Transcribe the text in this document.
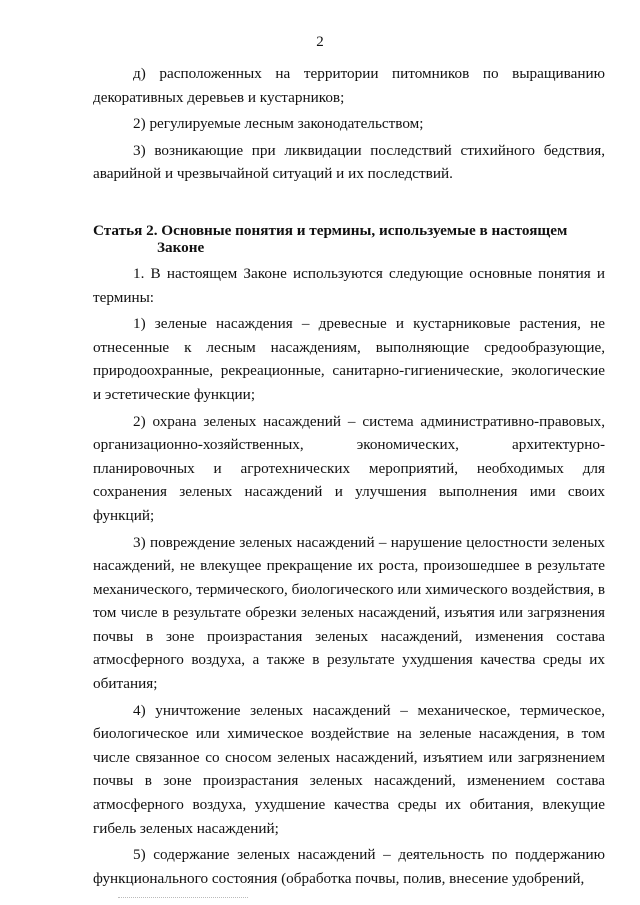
2

д) расположенных на территории питомников по выращиванию декоративных деревьев и кустарников;

2) регулируемые лесным законодательством;

3) возникающие при ликвидации последствий стихийного бедствия, аварийной и чрезвычайной ситуаций и их последствий.

Статья 2. Основные понятия и термины, используемые в настоящем
Законе

1. В настоящем Законе используются следующие основные понятия и термины:

1) зеленые насаждения – древесные и кустарниковые растения, не отнесенные к лесным насаждениям, выполняющие средообразующие, природоохранные, рекреационные, санитарно-гигиенические, экологические и эстетические функции;

2) охрана зеленых насаждений – система административно-правовых, организационно-хозяйственных, экономических, архитектурно-планировочных и агротехнических мероприятий, необходимых для сохранения зеленых насаждений и улучшения выполнения ими своих функций;

3) повреждение зеленых насаждений – нарушение целостности зеленых насаждений, не влекущее прекращение их роста, произошедшее в результате механического, термического, биологического или химического воздействия, в том числе в результате обрезки зеленых насаждений, изъятия или загрязнения почвы в зоне произрастания зеленых насаждений, изменения состава атмосферного воздуха, а также в результате ухудшения качества среды их обитания;

4) уничтожение зеленых насаждений – механическое, термическое, биологическое или химическое воздействие на зеленые насаждения, в том числе связанное со сносом зеленых насаждений, изъятием или загрязнением почвы в зоне произрастания зеленых насаждений, изменением состава атмосферного воздуха, ухудшение качества среды их обитания, влекущие гибель зеленых насаждений;

5) содержание зеленых насаждений – деятельность по поддержанию функционального состояния (обработка почвы, полив, внесение удобрений,
